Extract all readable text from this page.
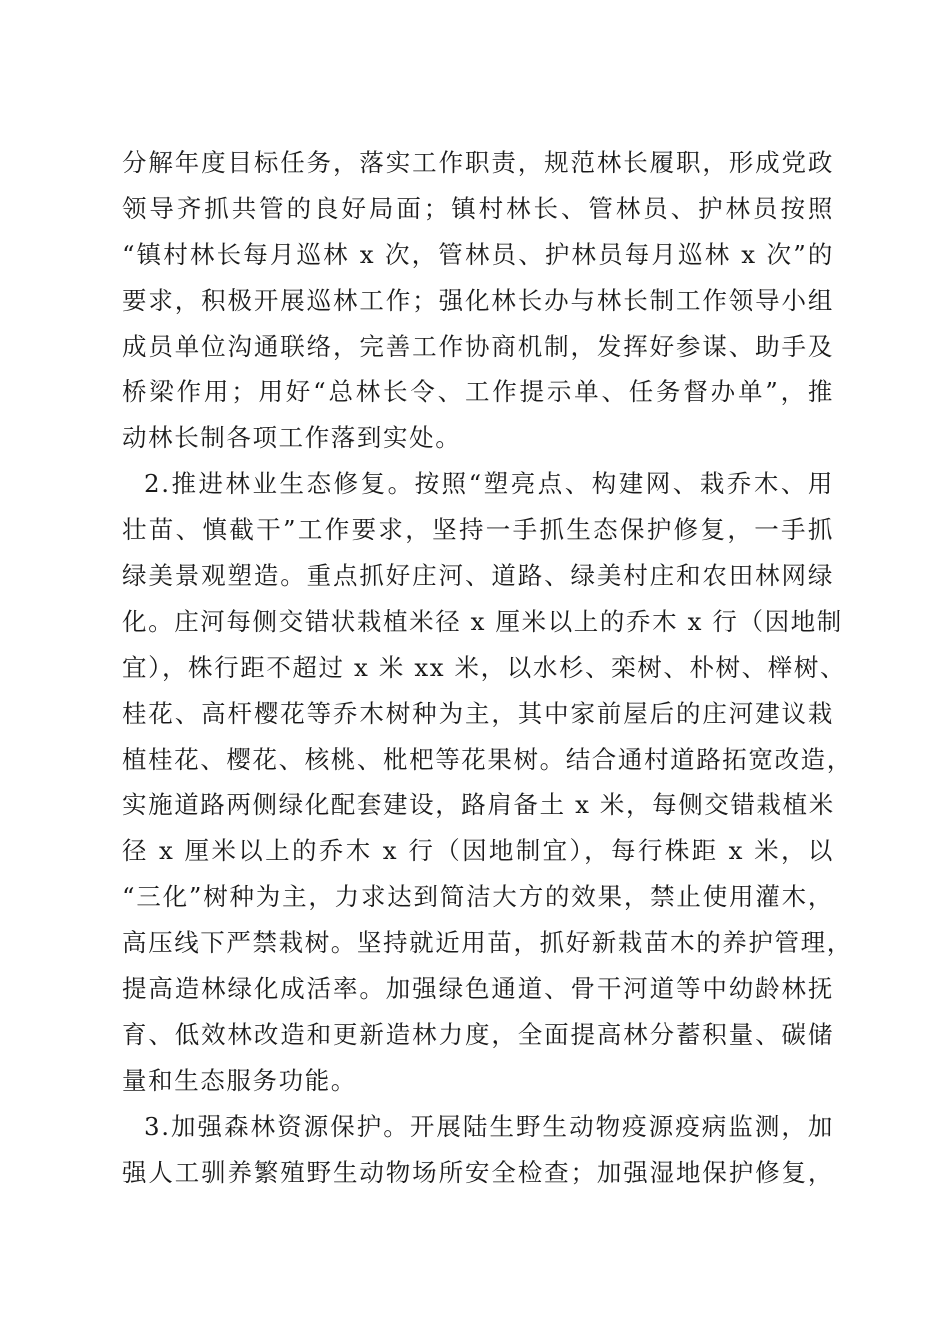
分解年度目标任务，落实工作职责，规范林长履职，形成党政
领导齐抓共管的良好局面；镇村林长、管林员、护林员按照
“镇村林长每月巡林 x 次，管林员、护林员每月巡林 x 次”的
要求，积极开展巡林工作；强化林长办与林长制工作领导小组
成员单位沟通联络，完善工作协商机制，发挥好参谋、助手及
桥梁作用；用好“总林长令、工作提示单、任务督办单”，推
动林长制各项工作落到实处。
2.推进林业生态修复。按照“塑亮点、构建网、栽乔木、用
壮苗、慎截干”工作要求，坚持一手抓生态保护修复，一手抓
绿美景观塑造。重点抓好庄河、道路、绿美村庄和农田林网绿
化。庄河每侧交错状栽植米径 x 厘米以上的乔木 x 行（因地制
宜），株行距不超过 x 米 xx 米，以水杉、栾树、朴树、榉树、
桂花、高杆樱花等乔木树种为主，其中家前屋后的庄河建议栽
植桂花、樱花、核桃、枇杷等花果树。结合通村道路拓宽改造，
实施道路两侧绿化配套建设，路肩备土 x 米，每侧交错栽植米
径 x 厘米以上的乔木 x 行（因地制宜），每行株距 x 米，以
“三化”树种为主，力求达到简洁大方的效果，禁止使用灌木，
高压线下严禁栽树。坚持就近用苗，抓好新栽苗木的养护管理，
提高造林绿化成活率。加强绿色通道、骨干河道等中幼龄林抚
育、低效林改造和更新造林力度，全面提高林分蓄积量、碳储
量和生态服务功能。
3.加强森林资源保护。开展陆生野生动物疫源疫病监测，加
强人工驯养繁殖野生动物场所安全检查；加强湿地保护修复，
